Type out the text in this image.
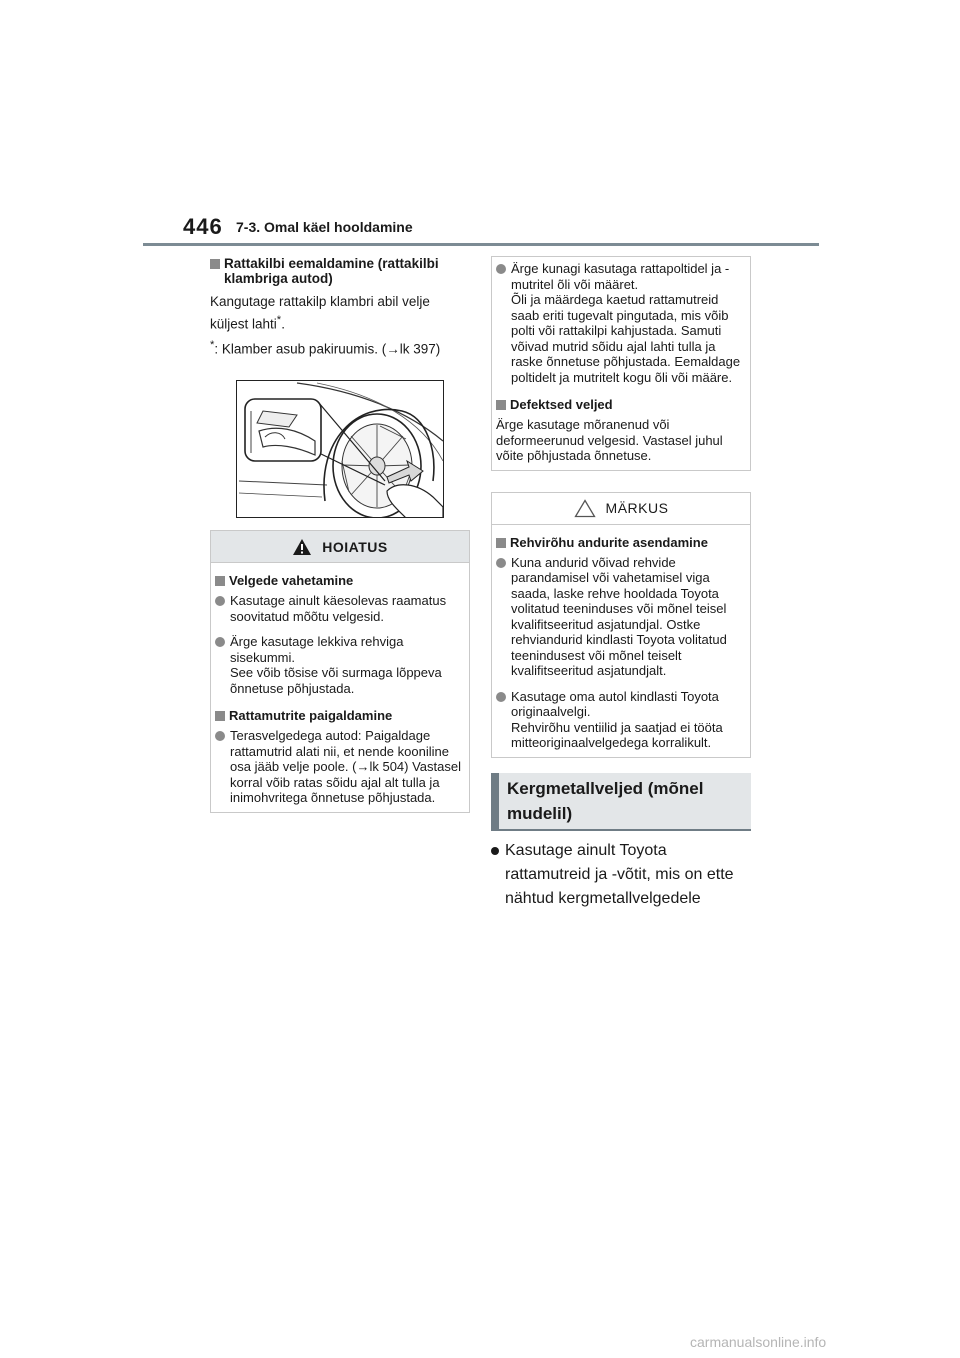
446 7-3. Omal käel hooldamine
Rattakilbi eemaldamine (rattakilbi klambriga autod)
Kangutage rattakilp klambri abil velje küljest lahti*.
*: Klamber asub pakiruumis. (→lk 397)
HOIATUS
Velgede vahetamine
Kasutage ainult käesolevas raamatus soovitatud mõõtu velgesid.
Ärge kasutage lekkiva rehviga sisekummi.
See võib tõsise või surmaga lõppeva õnnetuse põhjustada.
Rattamutrite paigaldamine
Terasvelgedega autod: Paigaldage rattamutrid alati nii, et nende kooniline osa jääb velje poole. (→lk 504) Vastasel korral võib ratas sõidu ajal alt tulla ja inimohvritega õnnetuse põhjustada.
Ärge kunagi kasutaga rattapoltidel ja -mutritel õli või määret.
Õli ja määrdega kaetud rattamutreid saab eriti tugevalt pingutada, mis võib polti või rattakilpi kahjustada. Samuti võivad mutrid sõidu ajal lahti tulla ja raske õnnetuse põhjustada. Eemaldage poltidelt ja mutritelt kogu õli või määre.
Defektsed veljed
Ärge kasutage mõranenud või deformeerunud velgesid. Vastasel juhul võite põhjustada õnnetuse.
MÄRKUS
Rehvirõhu andurite asendamine
Kuna andurid võivad rehvide parandamisel või vahetamisel viga saada, laske rehve hooldada Toyota volitatud teeninduses või mõnel teisel kvalifitseeritud asjatundjal. Ostke rehviandurid kindlasti Toyota volitatud teenindusest või mõnel teiselt kvalifitseeritud asjatundjalt.
Kasutage oma autol kindlasti Toyota originaalvelgi.
Rehvirõhu ventiilid ja saatjad ei tööta mitteoriginaalvelgedega korralikult.
Kergmetallveljed (mõnel mudelil)
Kasutage ainult Toyota rattamutreid ja -võtit, mis on ette nähtud kergmetallvelgedele
carmanualsonline.info
